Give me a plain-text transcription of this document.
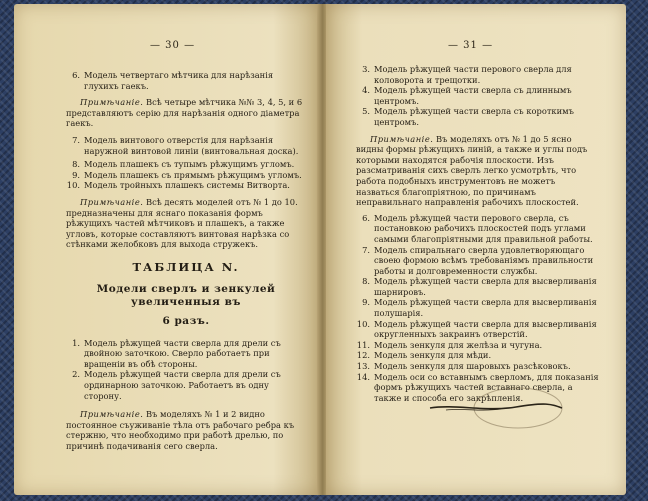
— 30 —
6. Модель четвертаго мѣтчика для нарѣзанія глухихъ гаекъ.

Примѣчаніе. Всѣ четыре мѣтчика №№ 3, 4, 5, и 6 представляютъ серію для нарѣзанія одного діаметра гаекъ.

7. Модель винтового отверстія для нарѣзанія наружной винтовой линіи (винтовальная доска).
8. Модель плашекъ съ тупымъ рѣжущимъ угломъ.
9. Модель плашекъ съ прямымъ рѣжущимъ угломъ.
10. Модель тройныхъ плашекъ системы Витворта.

Примѣчаніе. Всѣ десять моделей отъ № 1 до 10. предназначены для яснаго показанія формъ рѣжущихъ частей мѣтчиковъ и плашекъ, а также угловъ, которые составляютъ винтовая нарѣзка со стѣнками желобковъ для выхода стружекъ.

ТАБЛИЦА N.
Модели сверлъ и зенкулей увеличенныя въ
6 разъ.
1. Модель рѣжущей части сверла для дрели съ двойною заточкою. Сверло работаетъ при вращеніи въ обѣ стороны.
2. Модель рѣжущей части сверла для дрели съ ординарною заточкою. Работаетъ въ одну сторону.

Примѣчаніе. Въ моделяхъ № 1 и 2 видно постоянное съуживаніе тѣла отъ рабочаго ребра къ стержню, что необходимо при работѣ дрелью, по причинѣ подачиванія сего сверла.

— 31 —
3. Модель рѣжущей части перового сверла для коловорота и трещотки.
4. Модель рѣжущей части сверла съ длиннымъ центромъ.
5. Модель рѣжущей части сверла съ короткимъ центромъ.

Примѣчаніе. Въ моделяхъ отъ № 1 до 5 ясно видны формы рѣжущихъ линій, а также и углы подъ которыми находятся рабочія плоскости. Изъ разсматриванія сихъ сверлъ легко усмотрѣть, что работа подобныхъ инструментовъ не можетъ назваться благопріятною, по причинамъ неправильнаго направленія рабочихъ плоскостей.

6. Модель рѣжущей части перового сверла, съ постановкою рабочихъ плоскостей подъ углами самыми благопріятными для правильной работы.
7. Модель спиральнаго сверла удовлетворяющаго своею формою всѣмъ требованіямъ правильности работы и долговременности службы.
8. Модель рѣжущей части сверла для высверливанія шарнировъ.
9. Модель рѣжущей части сверла для высверливанія полушарія.
10. Модель рѣжущей части сверла для высверливанія округленныхъ закраинъ отверстій.
11. Модель зенкуля для желѣза и чугуна.
12. Модель зенкуля для мѣди.
13. Модель зенкуля для шаровыхъ разсѣковокъ.
14. Модель оси со вставнымъ сверломъ, для показанія формъ рѣжущихъ частей вставнаго сверла, а также и способа его закрѣпленія.
